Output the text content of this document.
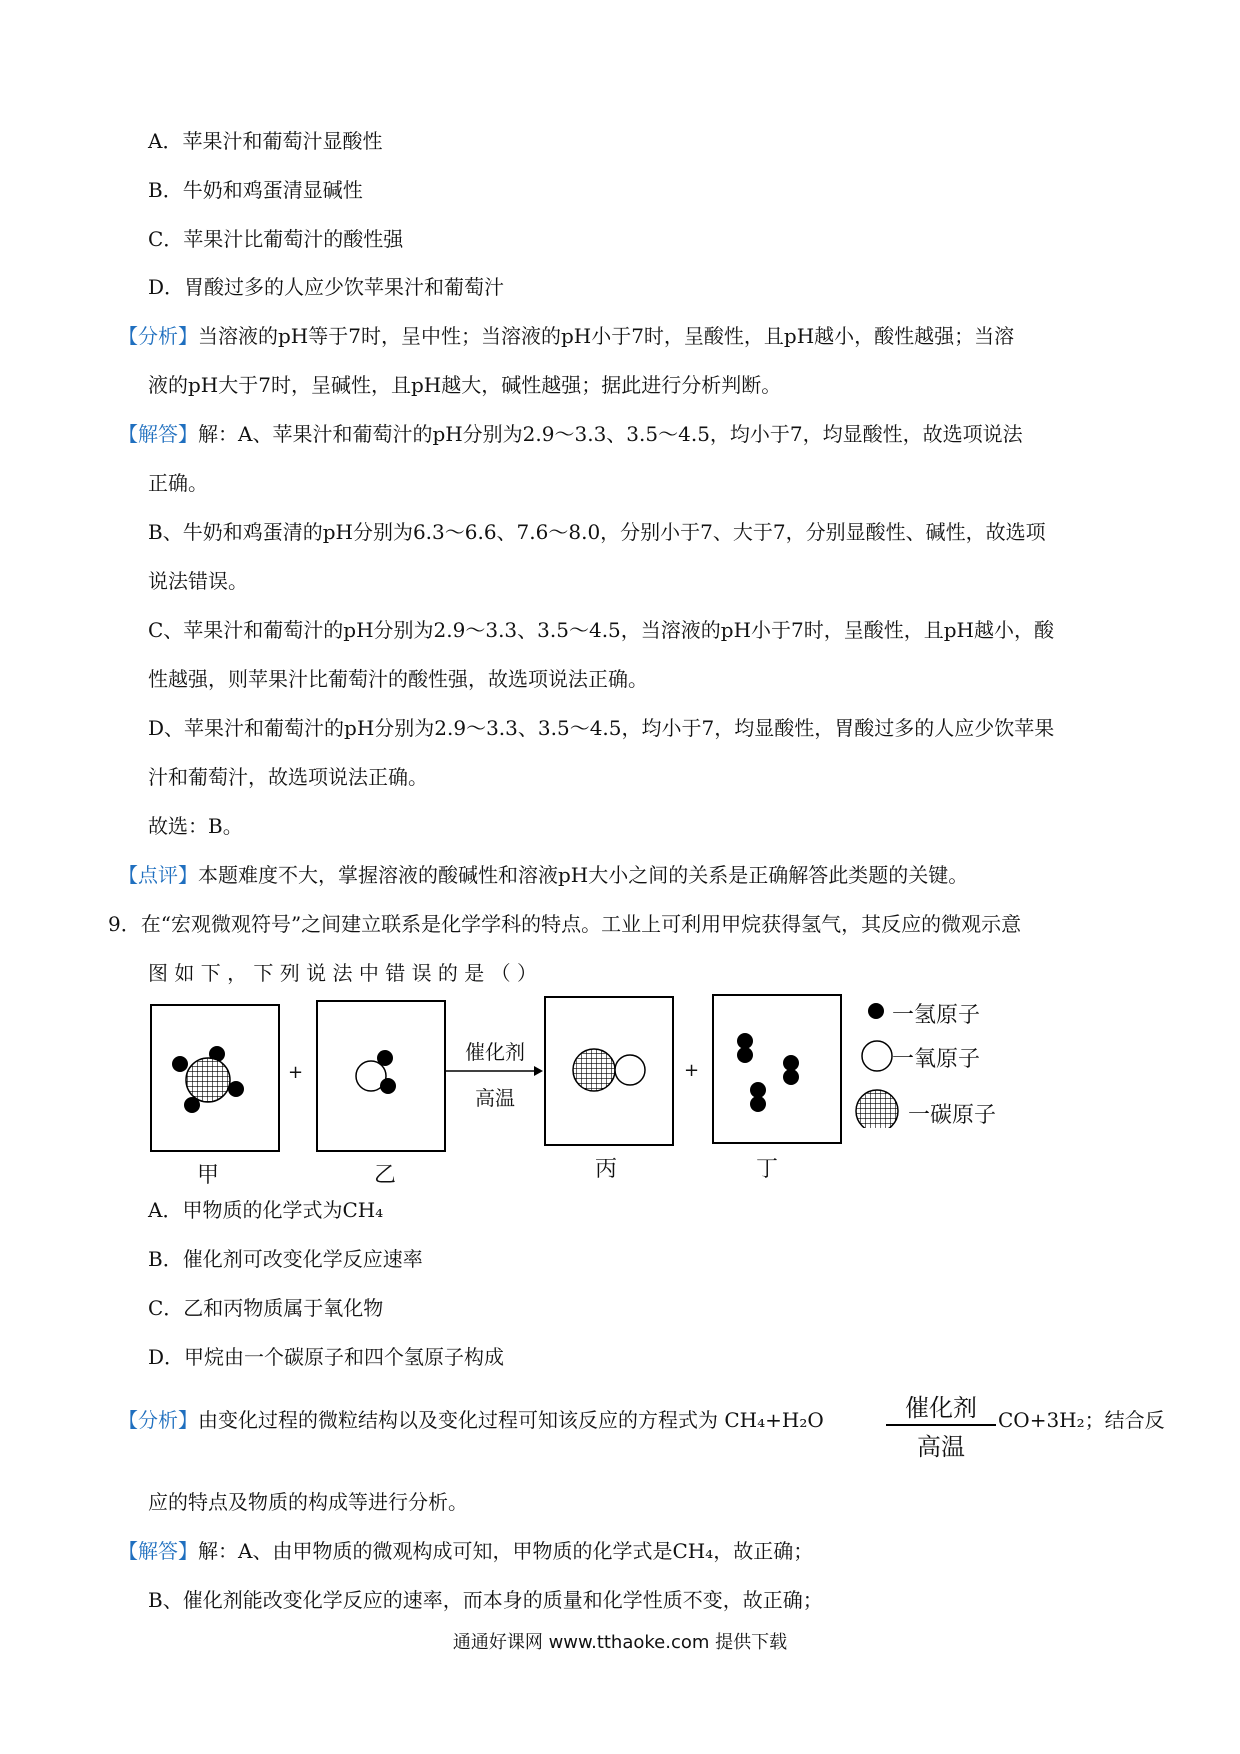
A．苹果汁和葡萄汁显酸性
B．牛奶和鸡蛋清显碱性
C．苹果汁比葡萄汁的酸性强
D．胃酸过多的人应少饮苹果汁和葡萄汁
【分析】当溶液的pH等于7时，呈中性；当溶液的pH小于7时，呈酸性，且pH越小，酸性越强；当溶
液的pH大于7时，呈碱性，且pH越大，碱性越强；据此进行分析判断。
【解答】解：A、苹果汁和葡萄汁的pH分别为2.9～3.3、3.5～4.5，均小于7，均显酸性，故选项说法
正确。
B、牛奶和鸡蛋清的pH分别为6.3～6.6、7.6～8.0，分别小于7、大于7，分别显酸性、碱性，故选项
说法错误。
C、苹果汁和葡萄汁的pH分别为2.9～3.3、3.5～4.5，当溶液的pH小于7时，呈酸性，且pH越小，酸
性越强，则苹果汁比葡萄汁的酸性强，故选项说法正确。
D、苹果汁和葡萄汁的pH分别为2.9～3.3、3.5～4.5，均小于7，均显酸性，胃酸过多的人应少饮苹果
汁和葡萄汁，故选项说法正确。
故选：B。
【点评】本题难度不大，掌握溶液的酸碱性和溶液pH大小之间的关系是正确解答此类题的关键。
9．在“宏观微观符号”之间建立联系是化学学科的特点。工业上可利用甲烷获得氢气，其反应的微观示意
图 如 下 ， 下 列 说 法 中 错 误 的 是 （ ）
+
催化剂
高温
+
甲	乙	丙	丁
一氢原子
一氧原子
一碳原子
A．甲物质的化学式为CH₄
B．催化剂可改变化学反应速率
C．乙和丙物质属于氧化物
D．甲烷由一个碳原子和四个氢原子构成
【分析】由变化过程的微粒结构以及变化过程可知该反应的方程式为 CH₄+H₂O	催化剂
高温
CO+3H₂；结合反
应的特点及物质的构成等进行分析。
【解答】解：A、由甲物质的微观构成可知，甲物质的化学式是CH₄，故正确；
B、催化剂能改变化学反应的速率，而本身的质量和化学性质不变，故正确；
通通好课网 www.tthaoke.com 提供下载
